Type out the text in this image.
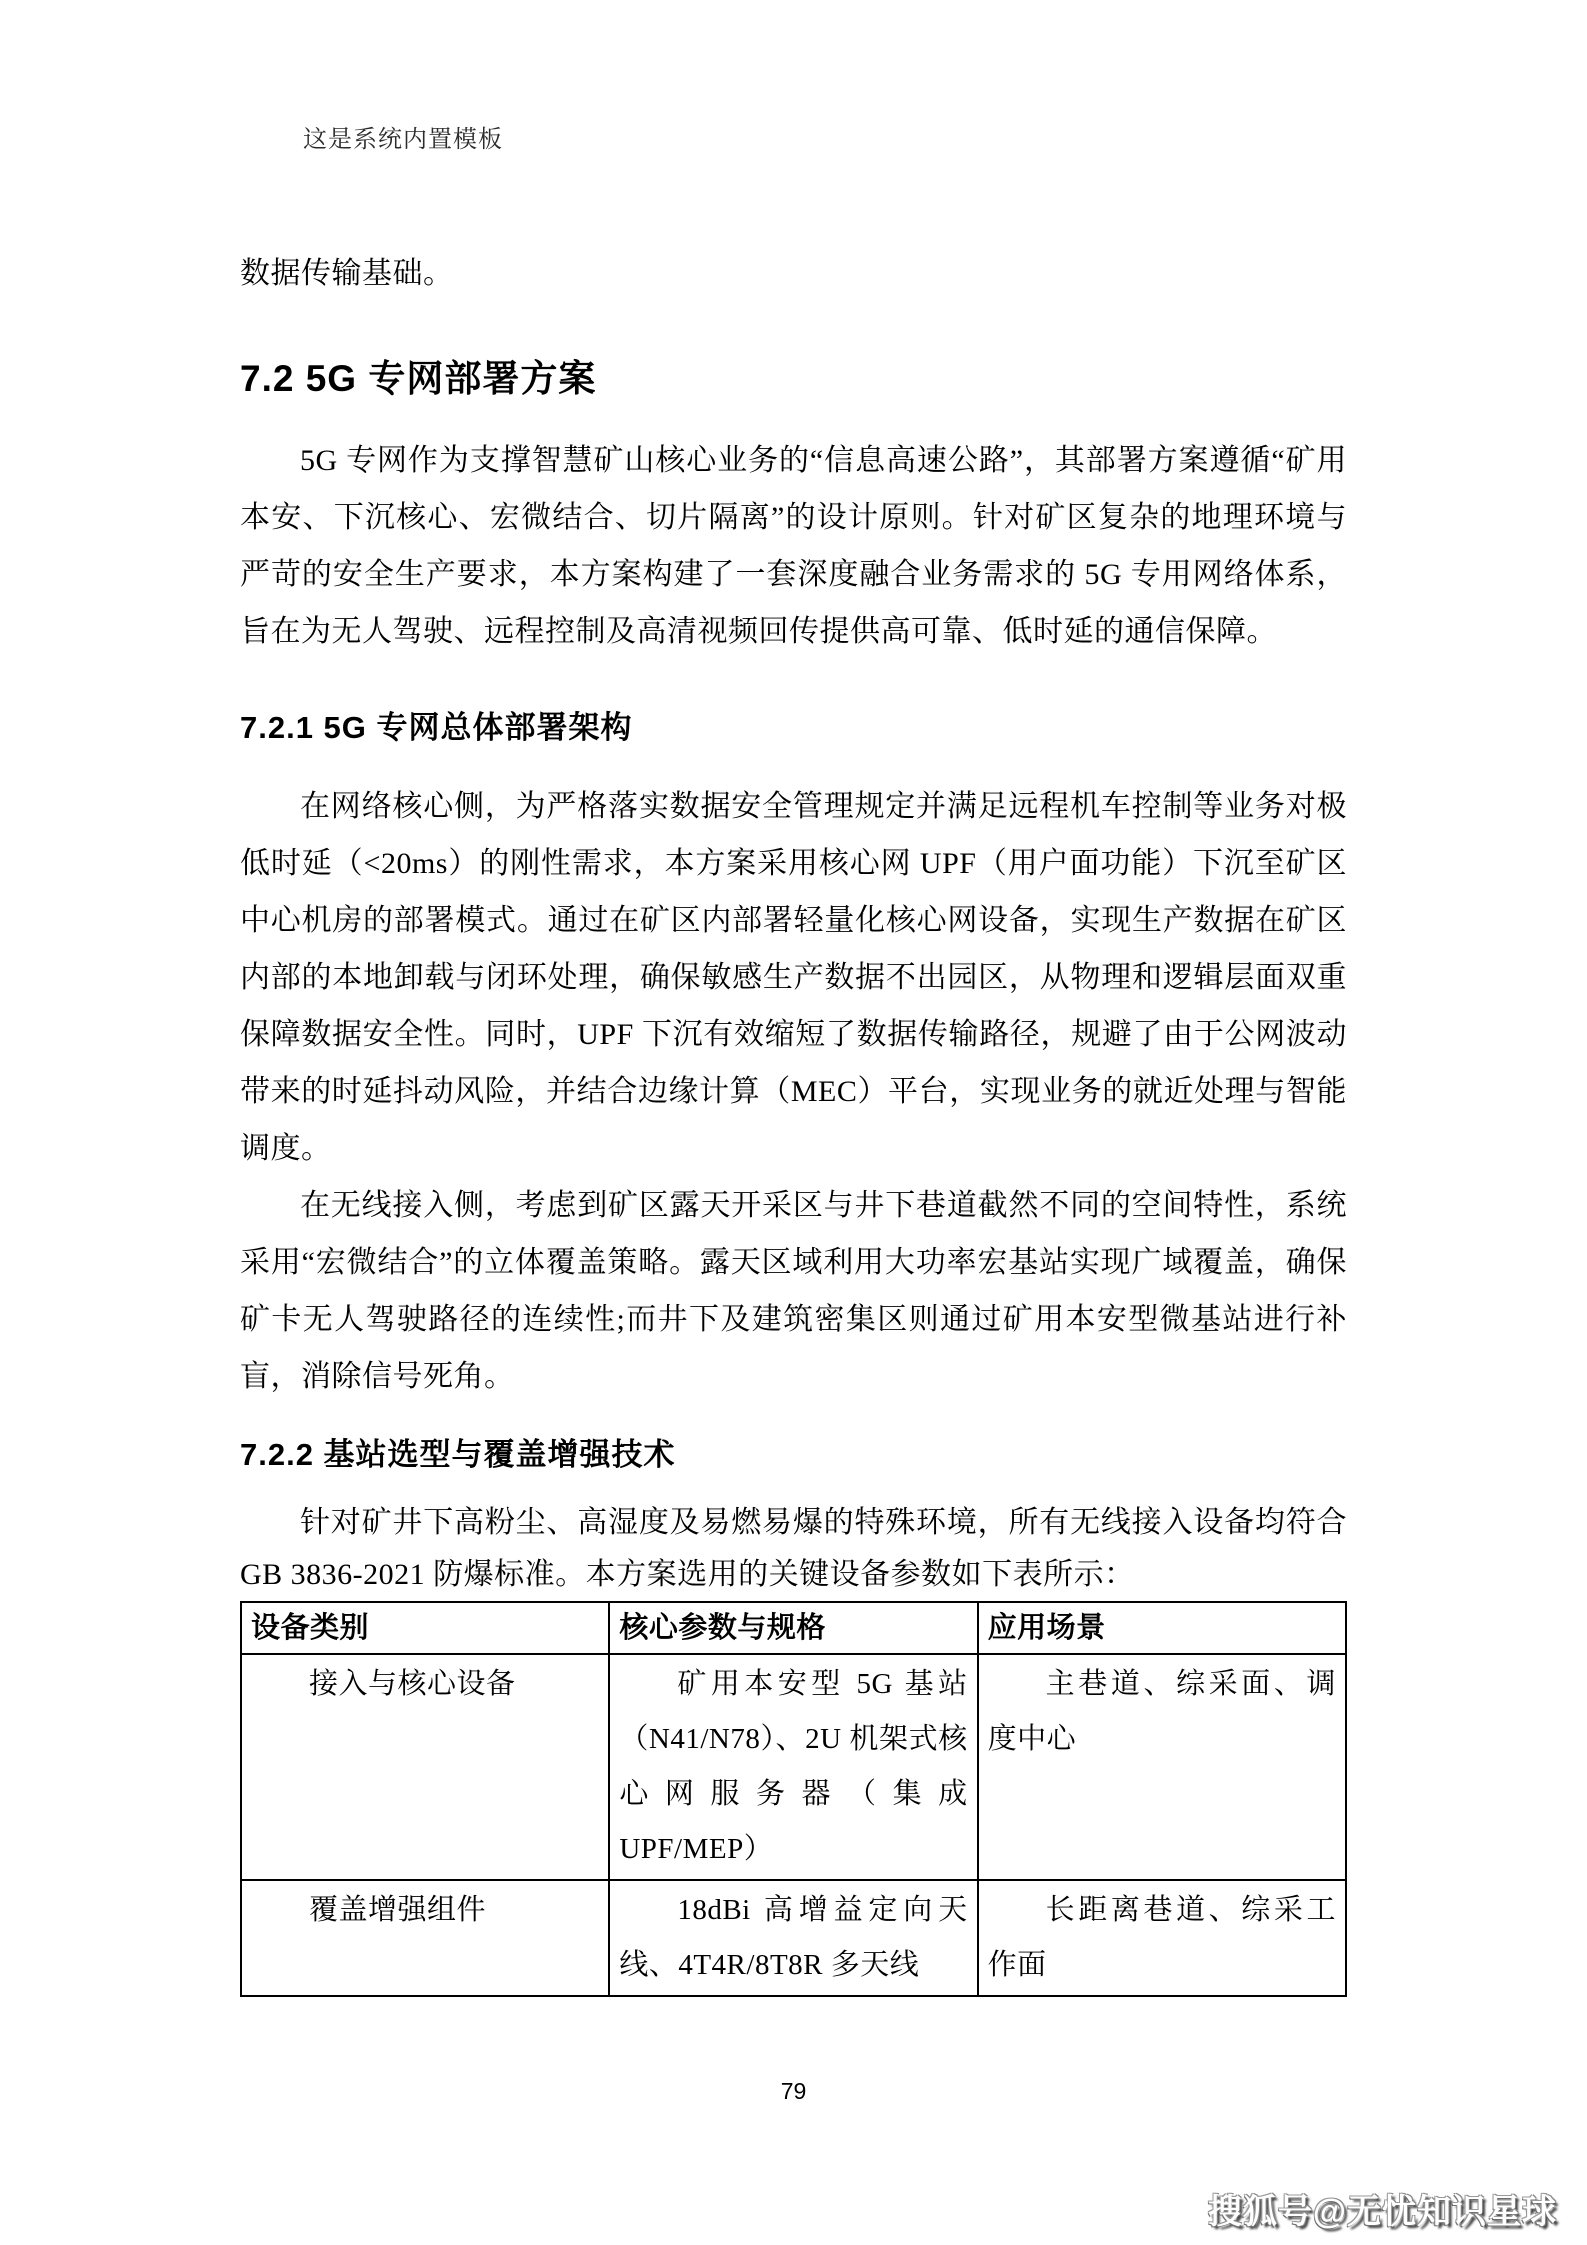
这是系统内置模板

数据传输基础。

7.2 5G 专网部署方案

5G 专网作为支撑智慧矿山核心业务的“信息高速公路”，其部署方案遵循“矿用本安、下沉核心、宏微结合、切片隔离”的设计原则。针对矿区复杂的地理环境与严苛的安全生产要求，本方案构建了一套深度融合业务需求的 5G 专用网络体系，旨在为无人驾驶、远程控制及高清视频回传提供高可靠、低时延的通信保障。

7.2.1 5G 专网总体部署架构

在网络核心侧，为严格落实数据安全管理规定并满足远程机车控制等业务对极低时延（<20ms）的刚性需求，本方案采用核心网 UPF（用户面功能）下沉至矿区中心机房的部署模式。通过在矿区内部署轻量化核心网设备，实现生产数据在矿区内部的本地卸载与闭环处理，确保敏感生产数据不出园区，从物理和逻辑层面双重保障数据安全性。同时，UPF 下沉有效缩短了数据传输路径，规避了由于公网波动带来的时延抖动风险，并结合边缘计算（MEC）平台，实现业务的就近处理与智能调度。

在无线接入侧，考虑到矿区露天开采区与井下巷道截然不同的空间特性，系统采用“宏微结合”的立体覆盖策略。露天区域利用大功率宏基站实现广域覆盖，确保矿卡无人驾驶路径的连续性;而井下及建筑密集区则通过矿用本安型微基站进行补盲，消除信号死角。

7.2.2 基站选型与覆盖增强技术

针对矿井下高粉尘、高湿度及易燃易爆的特殊环境，所有无线接入设备均符合 GB 3836-2021 防爆标准。本方案选用的关键设备参数如下表所示：

设备类别	核心参数与规格	应用场景

接入与核心设备	矿用本安型 5G 基站（N41/N78）、2U 机架式核心网服务器（集成 UPF/MEP）	主巷道、综采面、调度中心

覆盖增强组件	18dBi 高增益定向天线、4T4R/8T8R 多天线	长距离巷道、综采工作面

79
搜狐号@无忧知识星球
